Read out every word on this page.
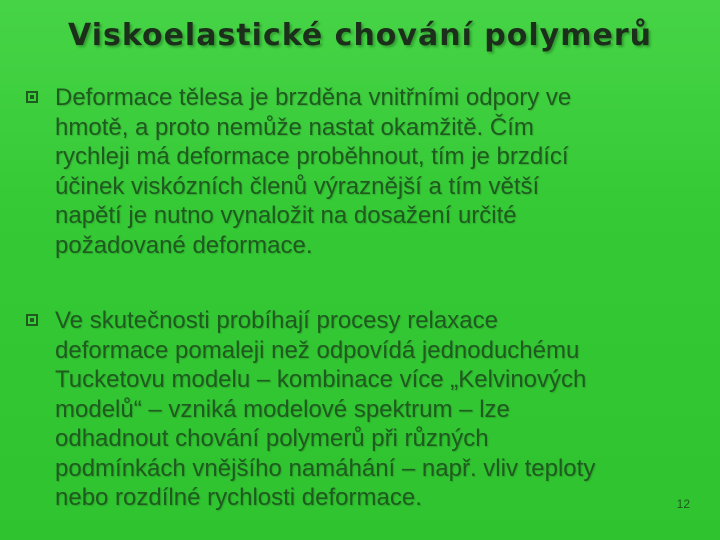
Viskoelastické chování polymerů
Deformace tělesa je brzděna vnitřními odpory ve
hmotě, a proto nemůže nastat okamžitě. Čím
rychleji má deformace proběhnout, tím je brzdící
účinek viskózních členů výraznější a tím větší
napětí je nutno vynaložit na dosažení určité
požadované deformace.
Ve skutečnosti probíhají procesy relaxace
deformace pomaleji než odpovídá jednoduchému
Tucketovu modelu – kombinace více „Kelvinových
modelů“ – vzniká modelové spektrum – lze
odhadnout chování polymerů při různých
podmínkách vnějšího namáhání – např. vliv teploty
nebo rozdílné rychlosti deformace.	12
